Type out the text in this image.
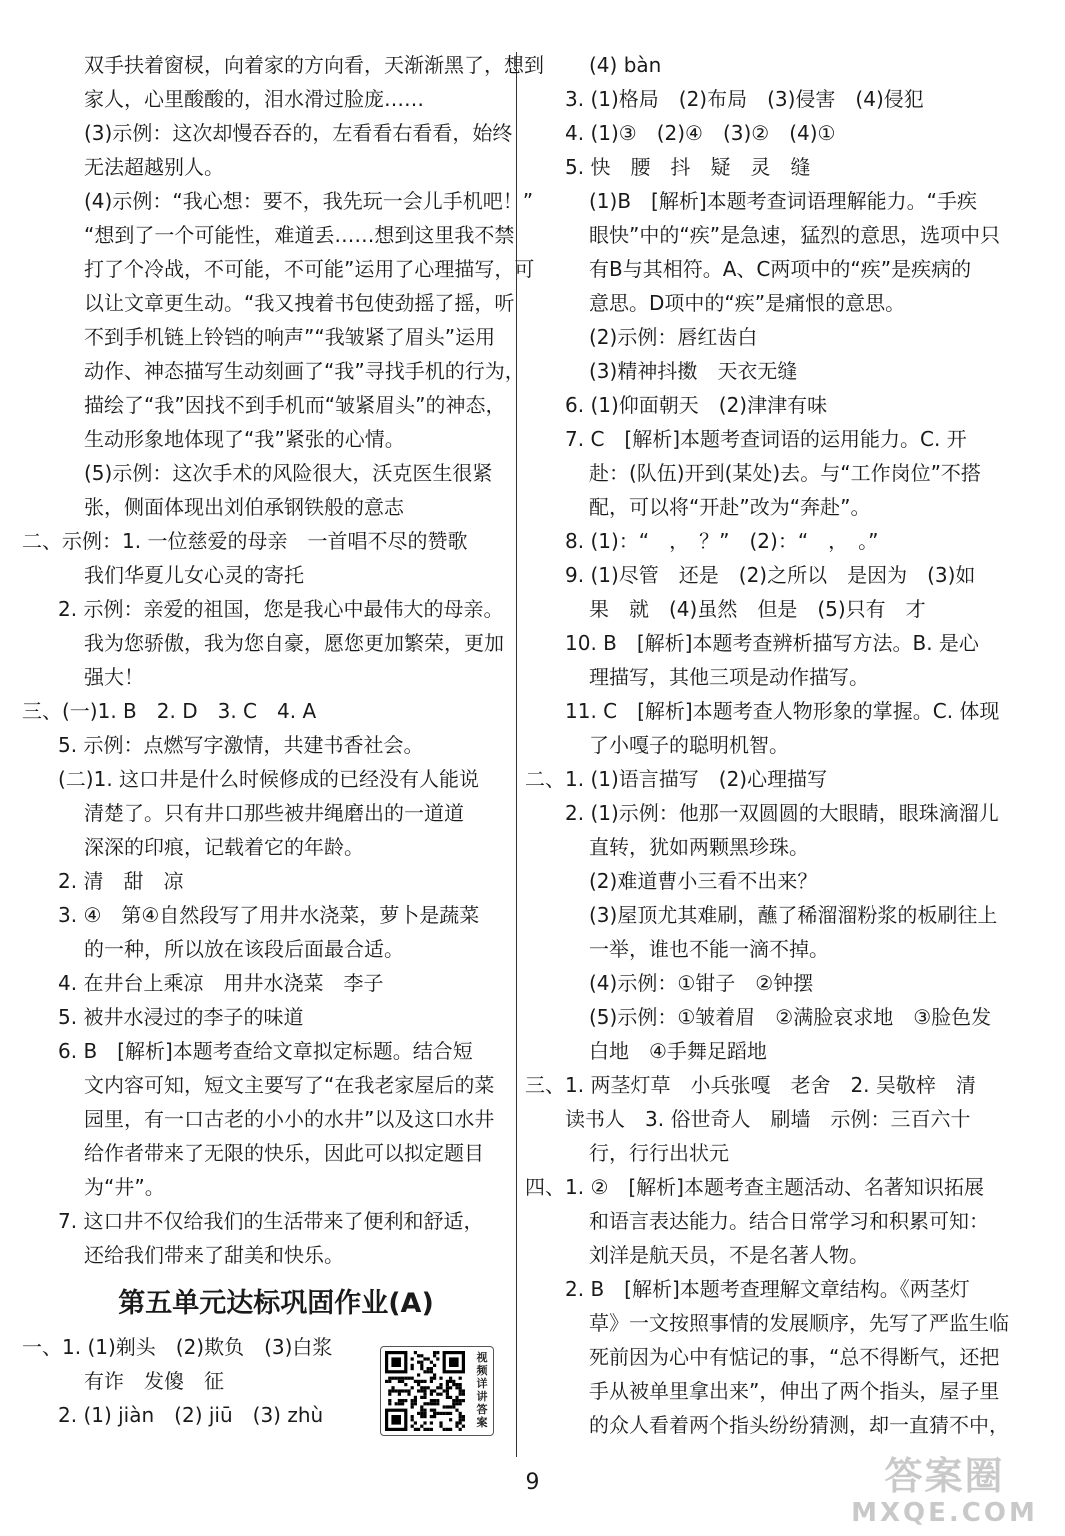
双手扶着窗棂，向着家的方向看，天渐渐黑了，想到
家人，心里酸酸的，泪水滑过脸庞……
(3)示例：这次却慢吞吞的，左看看右看看，始终
无法超越别人。
(4)示例：“我心想：要不，我先玩一会儿手机吧！”
“想到了一个可能性，难道丢……想到这里我不禁
打了个冷战，不可能，不可能”运用了心理描写，可
以让文章更生动。“我又拽着书包使劲摇了摇，听
不到手机链上铃铛的响声”“我皱紧了眉头”运用
动作、神态描写生动刻画了“我”寻找手机的行为，
描绘了“我”因找不到手机而“皱紧眉头”的神态，
生动形象地体现了“我”紧张的心情。
(5)示例：这次手术的风险很大，沃克医生很紧
张，侧面体现出刘伯承钢铁般的意志
二、示例：1. 一位慈爱的母亲　一首唱不尽的赞歌
我们华夏儿女心灵的寄托
2. 示例：亲爱的祖国，您是我心中最伟大的母亲。
我为您骄傲，我为您自豪，愿您更加繁荣，更加
强大！
三、(一)1. B　2. D　3. C　4. A
5. 示例：点燃写字激情，共建书香社会。
(二)1. 这口井是什么时候修成的已经没有人能说
清楚了。只有井口那些被井绳磨出的一道道
深深的印痕，记载着它的年龄。
2. 清　甜　凉
3. ④　第④自然段写了用井水浇菜，萝卜是蔬菜
的一种，所以放在该段后面最合适。
4. 在井台上乘凉　用井水浇菜　李子
5. 被井水浸过的李子的味道
6. B　[解析]本题考查给文章拟定标题。结合短
文内容可知，短文主要写了“在我老家屋后的菜
园里，有一口古老的小小的水井”以及这口水井
给作者带来了无限的快乐，因此可以拟定题目
为“井”。
7. 这口井不仅给我们的生活带来了便利和舒适，
还给我们带来了甜美和快乐。
第五单元达标巩固作业(A)
一、1. (1)剃头　(2)欺负　(3)白浆
有诈　发傻　征
2. (1) jiàn　(2) jiū　(3) zhù
视频详讲答案
(4) bàn
3. (1)格局　(2)布局　(3)侵害　(4)侵犯
4. (1)③　(2)④　(3)②　(4)①
5. 快　腰　抖　疑　灵　缝
(1)B　[解析]本题考查词语理解能力。“手疾
眼快”中的“疾”是急速，猛烈的意思，选项中只
有B与其相符。A、C两项中的“疾”是疾病的
意思。D项中的“疾”是痛恨的意思。
(2)示例：唇红齿白
(3)精神抖擞　天衣无缝
6. (1)仰面朝天　(2)津津有味
7. C　[解析]本题考查词语的运用能力。C. 开
赴：(队伍)开到(某处)去。与“工作岗位”不搭
配，可以将“开赴”改为“奔赴”。
8. (1)：“　，　？”　(2)：“　，　。”
9. (1)尽管　还是　(2)之所以　是因为　(3)如
果　就　(4)虽然　但是　(5)只有　才
10. B　[解析]本题考查辨析描写方法。B. 是心
理描写，其他三项是动作描写。
11. C　[解析]本题考查人物形象的掌握。C. 体现
了小嘎子的聪明机智。
二、1. (1)语言描写　(2)心理描写
2. (1)示例：他那一双圆圆的大眼睛，眼珠滴溜儿
直转，犹如两颗黑珍珠。
(2)难道曹小三看不出来？
(3)屋顶尤其难刷，蘸了稀溜溜粉浆的板刷往上
一举，谁也不能一滴不掉。
(4)示例：①钳子　②钟摆
(5)示例：①皱着眉　②满脸哀求地　③脸色发
白地　④手舞足蹈地
三、1. 两茎灯草　小兵张嘎　老舍　2. 吴敬梓　清
读书人　3. 俗世奇人　刷墙　示例：三百六十
行，行行出状元
四、1. ②　[解析]本题考查主题活动、名著知识拓展
和语言表达能力。结合日常学习和积累可知：
刘洋是航天员，不是名著人物。
2. B　[解析]本题考查理解文章结构。《两茎灯
草》一文按照事情的发展顺序，先写了严监生临
死前因为心中有惦记的事，“总不得断气，还把
手从被单里拿出来”，伸出了两个指头，屋子里
的众人看着两个指头纷纷猜测，却一直猜不中，
9	答案圈
MXQE.COM
